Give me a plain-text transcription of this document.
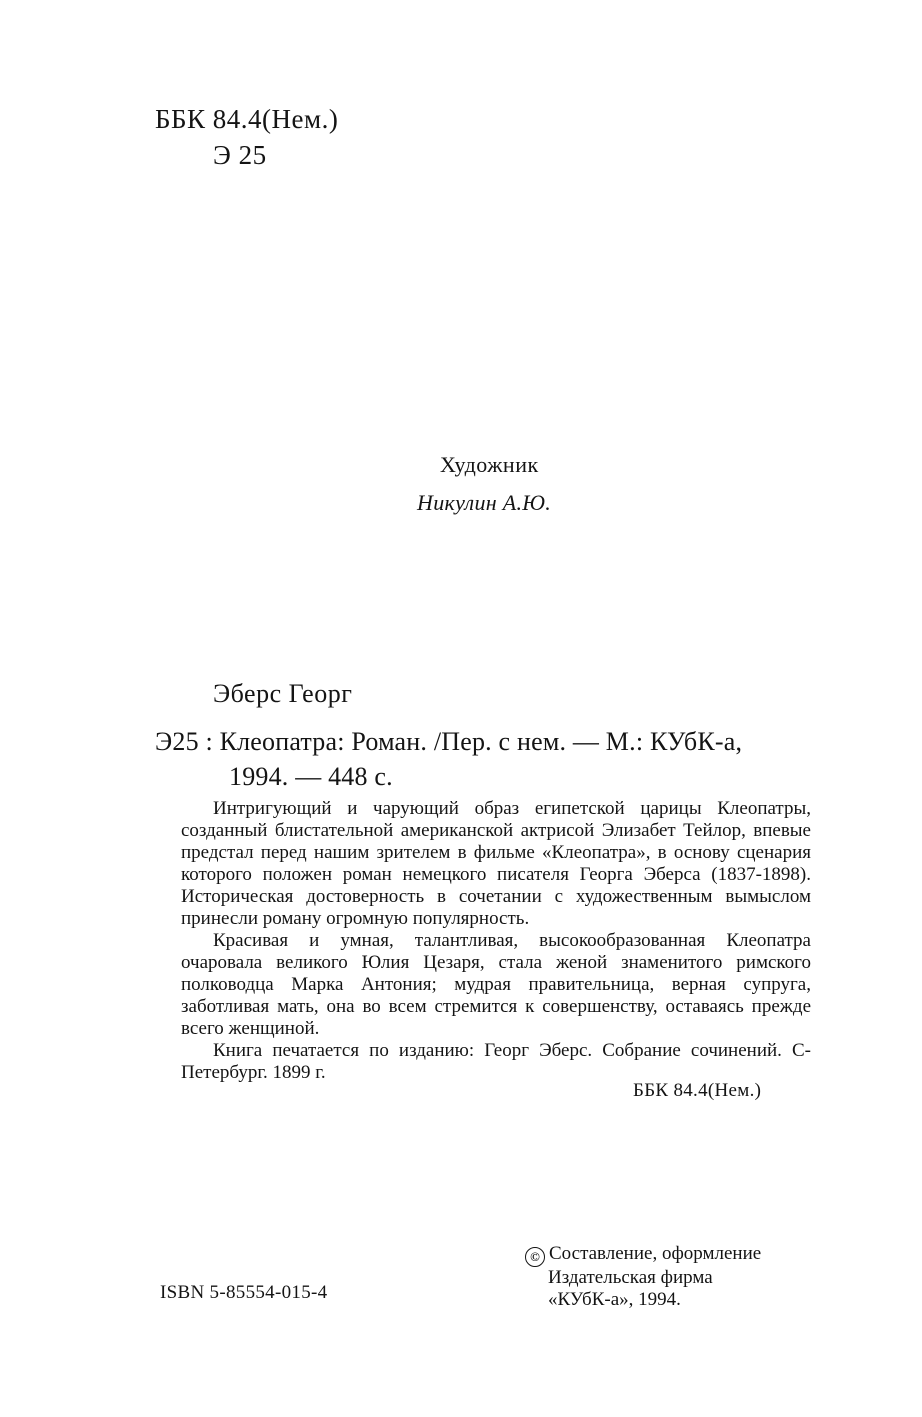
ББК 84.4(Нем.)
Э 25
Художник
Никулин А.Ю.
Эберс Георг
Э25 : Клеопатра: Роман. /Пер. с нем. — М.: КУбК-а,
1994. — 448 с.

Интригующий и чарующий образ египетской царицы Клеопатры, созданный блистательной американской актрисой Элизабет Тейлор, впевые предстал перед нашим зрителем в фильме «Клеопатра», в основу сценария которого положен роман немецкого писателя Георга Эберса (1837-1898). Историческая достоверность в сочетании с художественным вымыслом принесли роману огромную популярность.

Красивая и умная, талантливая, высокообразованная Клеопатра очаровала великого Юлия Цезаря, стала женой знаменитого римского полководца Марка Антония; мудрая правительница, верная супруга, заботливая мать, она во всем стремится к совершенству, оставаясь прежде всего женщиной.

Книга печатается по изданию: Георг Эберс. Собрание сочинений. С-Петербург. 1899 г.

ББК 84.4(Нем.)
ISBN 5-85554-015-4
© Составление, оформление
Издательская фирма
«КУбК-а», 1994.
